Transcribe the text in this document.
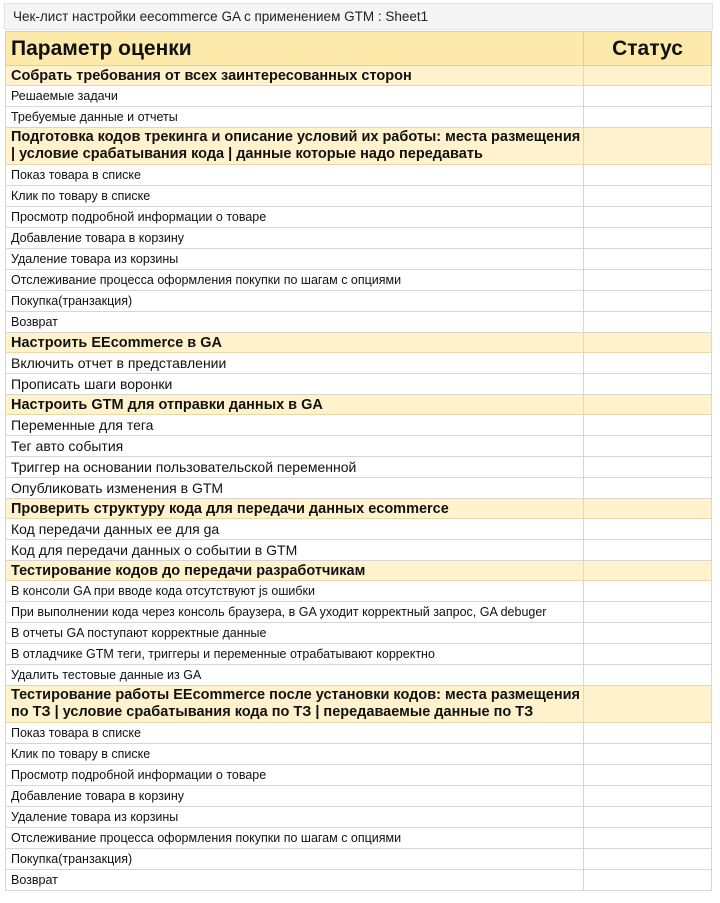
Чек-лист настройки eecommerce GA с применением GTM : Sheet1
Параметр оценки	Статус
Собрать требования от всех заинтересованных сторон	
Решаемые задачи	
Требуемые данные и отчеты	
Подготовка кодов трекинга и описание условий их работы: места размещения | условие срабатывания кода | данные которые надо передавать	
Показ товара в списке	
Клик по товару в списке	
Просмотр подробной информации о товаре	
Добавление товара в корзину	
Удаление товара из корзины	
Отслеживание процесса оформления покупки по шагам с опциями	
Покупка(транзакция)	
Возврат	
Настроить EEcommerce в GA	
Включить отчет в представлении	
Прописать шаги воронки	
Настроить GTM для отправки данных в GA	
Переменные для тега	
Тег авто события	
Триггер на основании пользовательской переменной	
Опубликовать изменения в GTM	
Проверить структуру кода для передачи данных ecommerce	
Код передачи данных ee для ga	
Код для передачи данных о событии в GTM	
Тестирование кодов до передачи разработчикам	
В консоли GA при вводе кода отсутствуют js ошибки	
При выполнении кода через консоль браузера, в GA уходит корректный запрос, GA debuger	
В отчеты GA поступают корректные данные	
В отладчике GTM теги, триггеры и переменные отрабатывают корректно	
Удалить тестовые данные из GA	
Тестирование работы EEcommerce после установки кодов: места размещения по ТЗ | условие срабатывания кода по ТЗ | передаваемые данные по ТЗ	
Показ товара в списке	
Клик по товару в списке	
Просмотр подробной информации о товаре	
Добавление товара в корзину	
Удаление товара из корзины	
Отслеживание процесса оформления покупки по шагам с опциями	
Покупка(транзакция)	
Возврат	
